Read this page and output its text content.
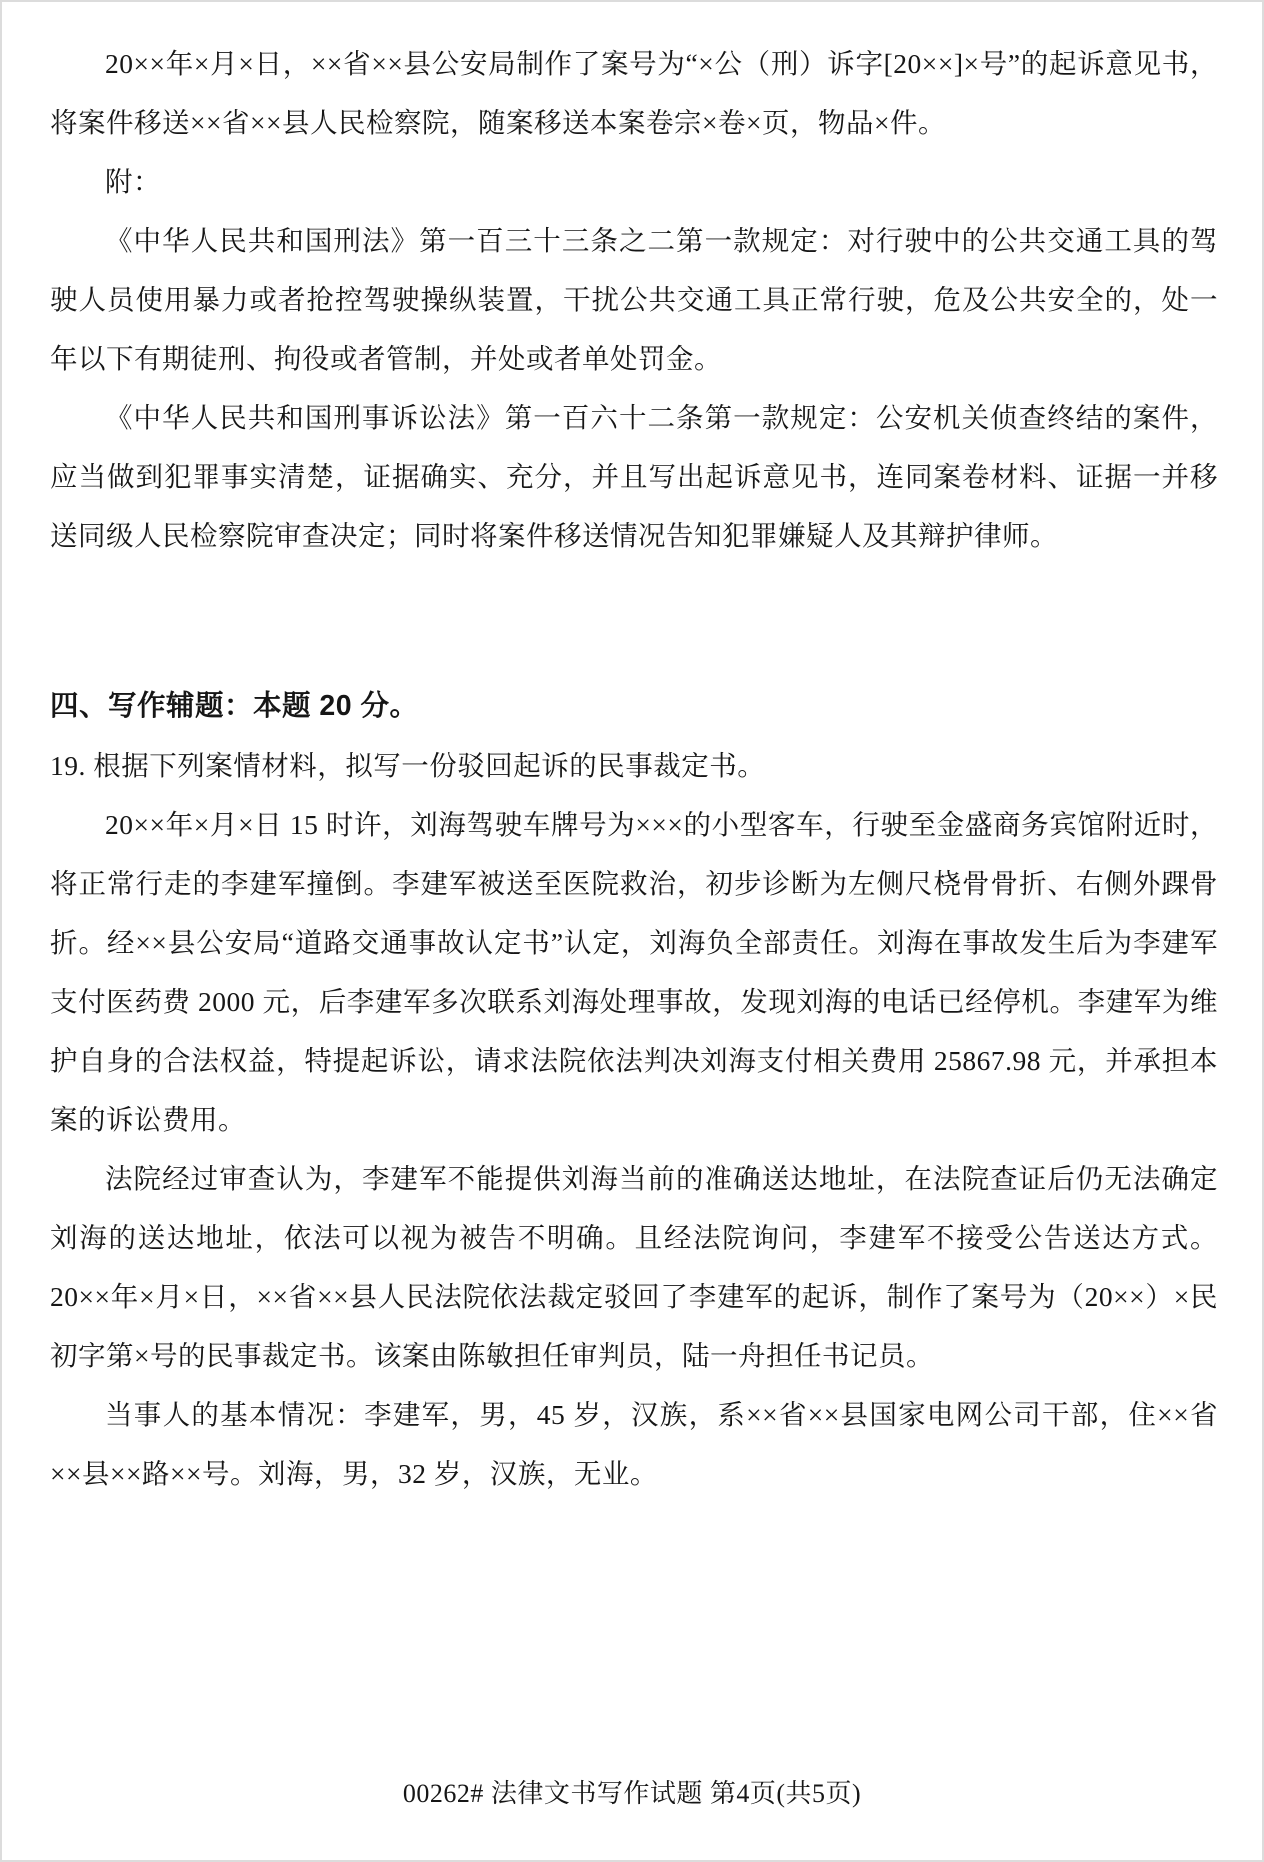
20××年×月×日，××省××县公安局制作了案号为“×公（刑）诉字[20××]×号”的起诉意见书，将案件移送××省××县人民检察院，随案移送本案卷宗×卷×页，物品×件。

附：

《中华人民共和国刑法》第一百三十三条之二第一款规定：对行驶中的公共交通工具的驾驶人员使用暴力或者抢控驾驶操纵装置，干扰公共交通工具正常行驶，危及公共安全的，处一年以下有期徒刑、拘役或者管制，并处或者单处罚金。

《中华人民共和国刑事诉讼法》第一百六十二条第一款规定：公安机关侦查终结的案件，应当做到犯罪事实清楚，证据确实、充分，并且写出起诉意见书，连同案卷材料、证据一并移送同级人民检察院审查决定；同时将案件移送情况告知犯罪嫌疑人及其辩护律师。

四、写作辅题：本题 20 分。

19. 根据下列案情材料，拟写一份驳回起诉的民事裁定书。

20××年×月×日 15 时许，刘海驾驶车牌号为×××的小型客车，行驶至金盛商务宾馆附近时，将正常行走的李建军撞倒。李建军被送至医院救治，初步诊断为左侧尺桡骨骨折、右侧外踝骨折。经××县公安局“道路交通事故认定书”认定，刘海负全部责任。刘海在事故发生后为李建军支付医药费 2000 元，后李建军多次联系刘海处理事故，发现刘海的电话已经停机。李建军为维护自身的合法权益，特提起诉讼，请求法院依法判决刘海支付相关费用 25867.98 元，并承担本案的诉讼费用。

法院经过审查认为，李建军不能提供刘海当前的准确送达地址，在法院查证后仍无法确定刘海的送达地址，依法可以视为被告不明确。且经法院询问，李建军不接受公告送达方式。20××年×月×日，××省××县人民法院依法裁定驳回了李建军的起诉，制作了案号为（20××）×民初字第×号的民事裁定书。该案由陈敏担任审判员，陆一舟担任书记员。

当事人的基本情况：李建军，男，45 岁，汉族，系××省××县国家电网公司干部，住××省××县××路××号。刘海，男，32 岁，汉族，无业。

00262# 法律文书写作试题 第4页(共5页)
